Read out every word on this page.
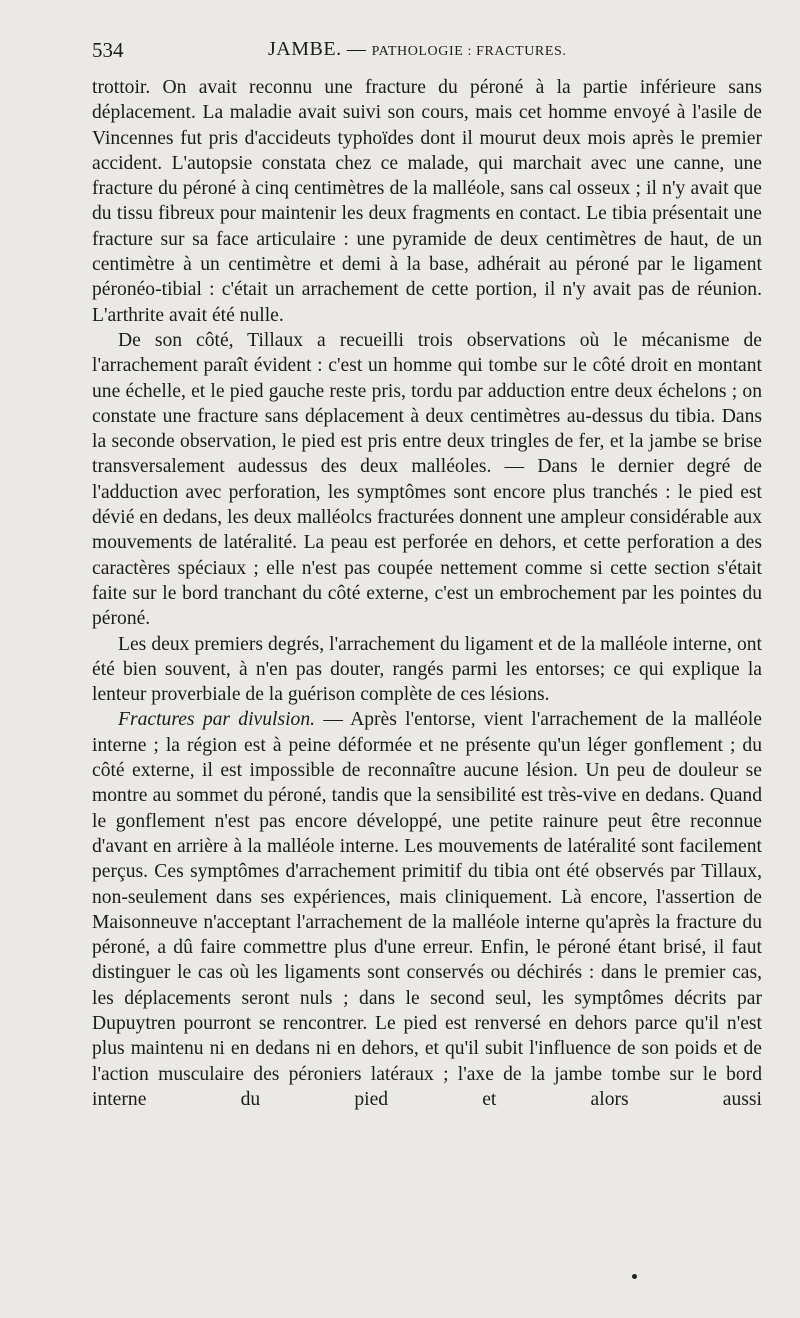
534	JAMBE. — PATHOLOGIE : FRACTURES.

trottoir. On avait reconnu une fracture du péroné à la partie inférieure sans déplacement. La maladie avait suivi son cours, mais cet homme envoyé à l'asile de Vincennes fut pris d'accideuts typhoïdes dont il mourut deux mois après le premier accident. L'autopsie constata chez ce malade, qui marchait avec une canne, une fracture du péroné à cinq centimètres de la malléole, sans cal osseux ; il n'y avait que du tissu fibreux pour maintenir les deux fragments en contact. Le tibia présentait une fracture sur sa face articulaire : une pyramide de deux centimètres de haut, de un centimètre à un centimètre et demi à la base, adhérait au péroné par le ligament péronéo-tibial : c'était un arrachement de cette portion, il n'y avait pas de réunion. L'arthrite avait été nulle.

De son côté, Tillaux a recueilli trois observations où le mécanisme de l'arrachement paraît évident : c'est un homme qui tombe sur le côté droit en montant une échelle, et le pied gauche reste pris, tordu par adduction entre deux échelons ; on constate une fracture sans déplacement à deux centimètres au-dessus du tibia. Dans la seconde observation, le pied est pris entre deux tringles de fer, et la jambe se brise transversalement audessus des deux malléoles. — Dans le dernier degré de l'adduction avec perforation, les symptômes sont encore plus tranchés : le pied est dévié en dedans, les deux malléolcs fracturées donnent une ampleur considérable aux mouvements de latéralité. La peau est perforée en dehors, et cette perforation a des caractères spéciaux ; elle n'est pas coupée nettement comme si cette section s'était faite sur le bord tranchant du côté externe, c'est un embrochement par les pointes du péroné.

Les deux premiers degrés, l'arrachement du ligament et de la malléole interne, ont été bien souvent, à n'en pas douter, rangés parmi les entorses; ce qui explique la lenteur proverbiale de la guérison complète de ces lésions.

Fractures par divulsion. — Après l'entorse, vient l'arrachement de la malléole interne ; la région est à peine déformée et ne présente qu'un léger gonflement ; du côté externe, il est impossible de reconnaître aucune lésion. Un peu de douleur se montre au sommet du péroné, tandis que la sensibilité est très-vive en dedans. Quand le gonflement n'est pas encore développé, une petite rainure peut être reconnue d'avant en arrière à la malléole interne. Les mouvements de latéralité sont facilement perçus. Ces symptômes d'arrachement primitif du tibia ont été observés par Tillaux, non-seulement dans ses expériences, mais cliniquement. Là encore, l'assertion de Maisonneuve n'acceptant l'arrachement de la malléole interne qu'après la fracture du péroné, a dû faire commettre plus d'une erreur. Enfin, le péroné étant brisé, il faut distinguer le cas où les ligaments sont conservés ou déchirés : dans le premier cas, les déplacements seront nuls ; dans le second seul, les symptômes décrits par Dupuytren pourront se rencontrer. Le pied est renversé en dehors parce qu'il n'est plus maintenu ni en dedans ni en dehors, et qu'il subit l'influence de son poids et de l'action musculaire des péroniers latéraux ; l'axe de la jambe tombe sur le bord interne du pied et alors aussi
